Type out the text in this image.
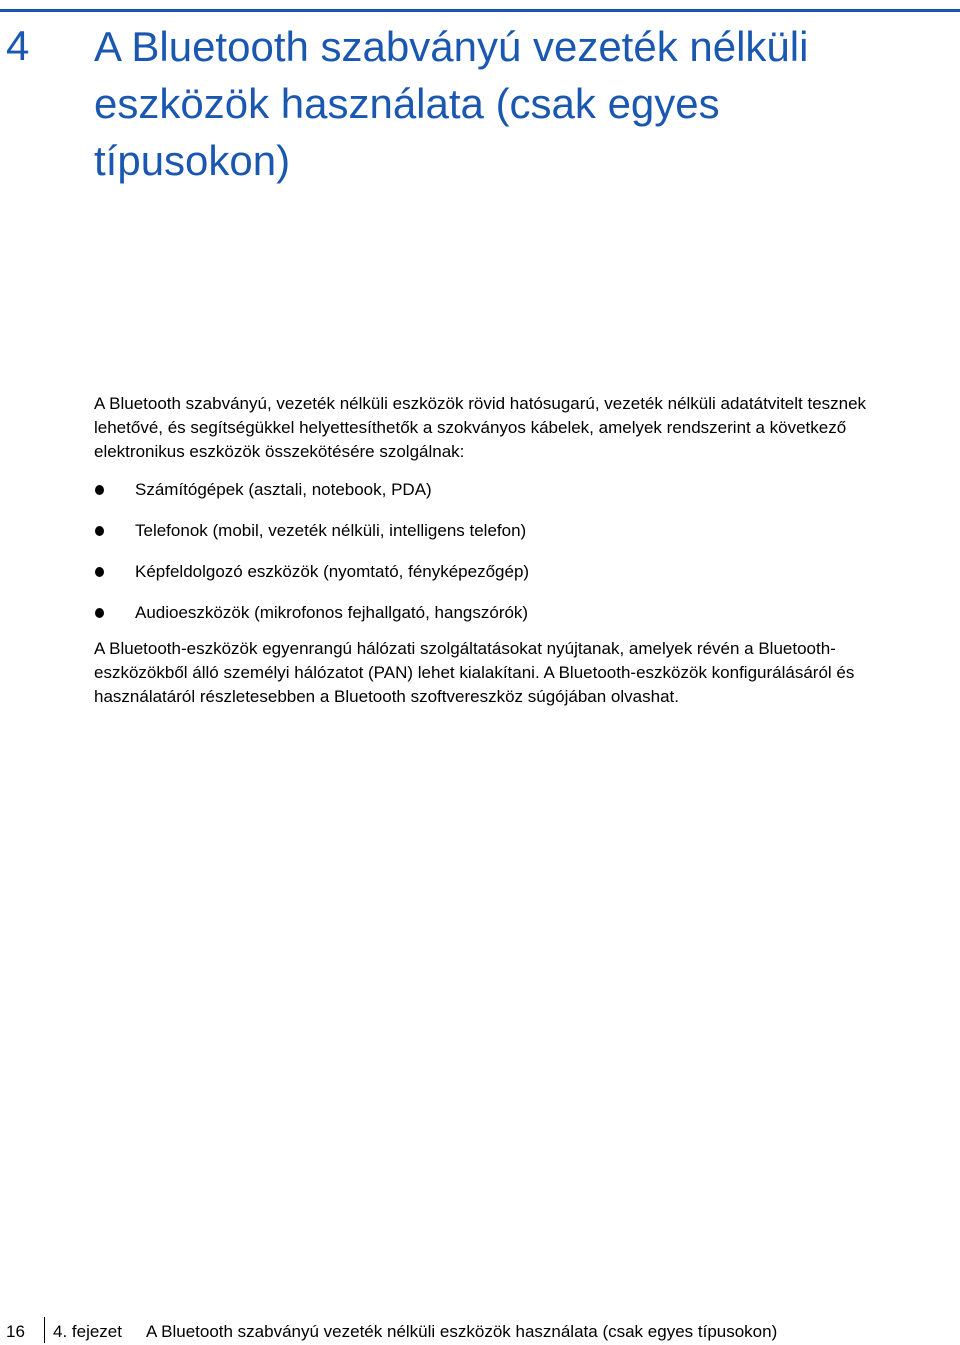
4 A Bluetooth szabványú vezeték nélküli
eszközök használata (csak egyes
típusokon)

A Bluetooth szabványú, vezeték nélküli eszközök rövid hatósugarú, vezeték nélküli adatátvitelt tesznek
lehetővé, és segítségükkel helyettesíthetők a szokványos kábelek, amelyek rendszerint a következő
elektronikus eszközök összekötésére szolgálnak:

Számítógépek (asztali, notebook, PDA)
Telefonok (mobil, vezeték nélküli, intelligens telefon)
Képfeldolgozó eszközök (nyomtató, fényképezőgép)
Audioeszközök (mikrofonos fejhallgató, hangszórók)

A Bluetooth-eszközök egyenrangú hálózati szolgáltatásokat nyújtanak, amelyek révén a Bluetooth-
eszközökből álló személyi hálózatot (PAN) lehet kialakítani. A Bluetooth-eszközök konfigurálásáról és
használatáról részletesebben a Bluetooth szoftvereszköz súgójában olvashat.

16 4. fejezet A Bluetooth szabványú vezeték nélküli eszközök használata (csak egyes típusokon)
